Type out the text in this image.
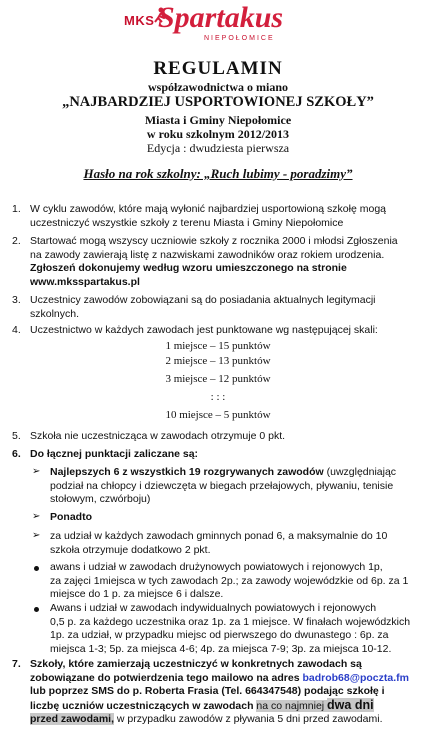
MKS Spartakus
NIEPOŁOMICE
REGULAMIN
współzawodnictwa o miano
„NAJBARDZIEJ USPORTOWIONEJ SZKOŁY”
Miasta i Gminy Niepołomice
w roku szkolnym 2012/2013
Edycja : dwudziesta pierwsza
Hasło na rok szkolny: „Ruch lubimy - poradzimy”
1. W cyklu zawodów, które mają wyłonić najbardziej usportowioną szkołę mogą
uczestniczyć wszystkie szkoły z terenu Miasta i Gminy Niepołomice
2. Startować mogą wszyscy uczniowie szkoły z rocznika 2000 i młodsi Zgłoszenia
na zawody zawierają listę z nazwiskami zawodników oraz rokiem urodzenia.
Zgłoszeń dokonujemy według wzoru umieszczonego na stronie
www.mksspartakus.pl
3. Uczestnicy zawodów zobowiązani są do posiadania aktualnych legitymacji
szkolnych.
4. Uczestnictwo w każdych zawodach jest punktowane wg następującej skali:
1 miejsce – 15 punktów
2 miejsce – 13 punktów
3 miejsce – 12 punktów
: : :
10 miejsce – 5 punktów
5. Szkoła nie uczestnicząca w zawodach otrzymuje 0 pkt.
6. Do łącznej punktacji zaliczane są:
➢ Najlepszych 6 z wszystkich 19 rozgrywanych zawodów (uwzględniając
podział na chłopcy i dziewczęta w biegach przełajowych, pływaniu, tenisie
stołowym, czwórboju)
➢ Ponadto
➢ za udział w każdych zawodach gminnych ponad 6, a maksymalnie do 10
szkoła otrzymuje dodatkowo 2 pkt.
awans i udział w zawodach drużynowych powiatowych i rejonowych 1p,
za zajęci 1miejsca w tych zawodach 2p.; za zawody wojewódzkie od 6p. za 1
miejsce do 1 p. za miejsce 6 i dalsze.
Awans i udział w zawodach indywidualnych powiatowych i rejonowych
0,5 p. za każdego uczestnika oraz 1p. za 1 miejsce. W finałach wojewódzkich
1p. za udział, w przypadku miejsc od pierwszego do dwunastego : 6p. za
miejsca 1-3; 5p. za miejsca 4-6; 4p. za miejsca 7-9; 3p. za miejsca 10-12.
7. Szkoły, które zamierzają uczestniczyć w konkretnych zawodach są
zobowiązane do potwierdzenia tego mailowo na adres badrob68@poczta.fm
lub poprzez SMS do p. Roberta Frasia (Tel. 664347548) podając szkołę i
liczbę uczniów uczestniczących w zawodach na co najmniej dwa dni
przed zawodami, w przypadku zawodów z pływania 5 dni przed zawodami.
